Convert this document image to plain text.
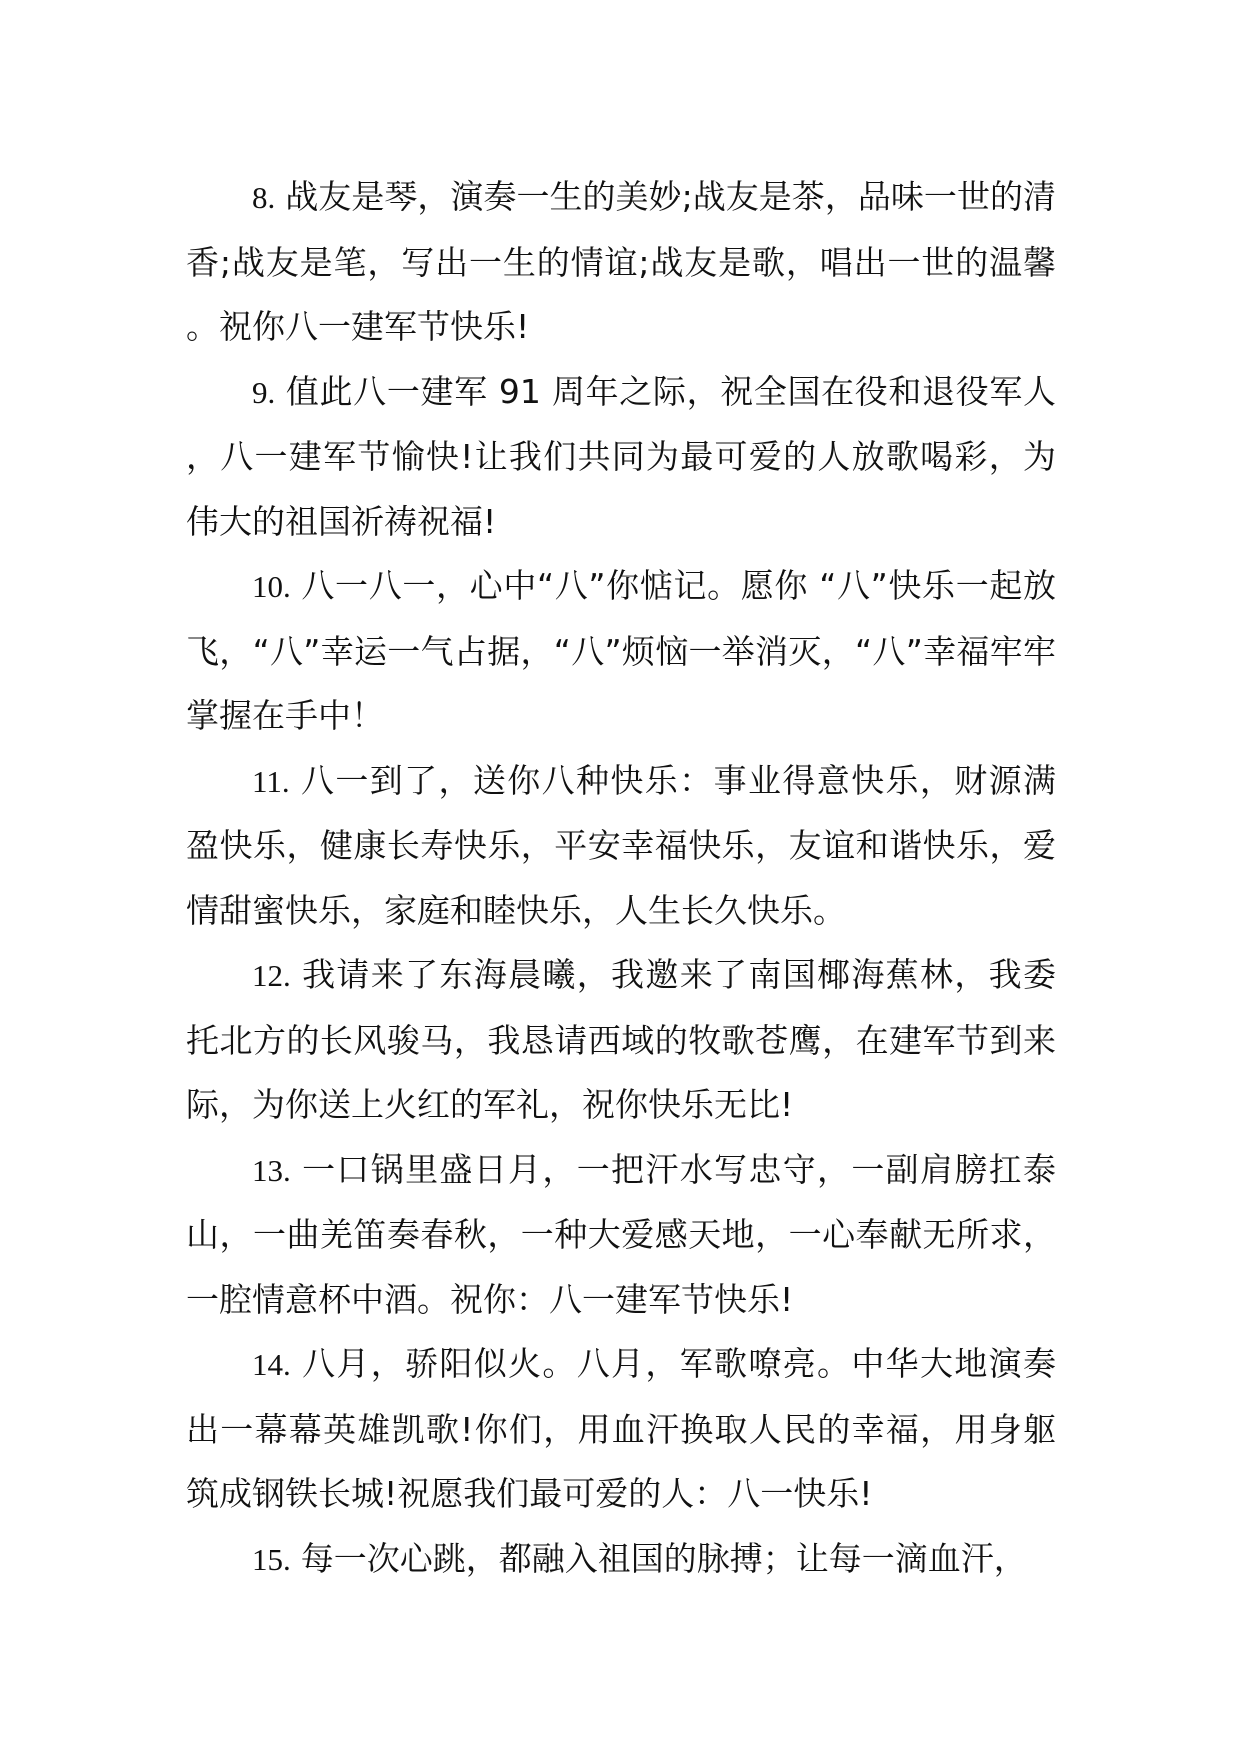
8. 战友是琴，演奏一生的美妙;战友是茶，品味一世的清香;战友是笔，写出一生的情谊;战友是歌，唱出一世的温馨。祝你八一建军节快乐!

9. 值此八一建军 91 周年之际，祝全国在役和退役军人，八一建军节愉快!让我们共同为最可爱的人放歌喝彩，为伟大的祖国祈祷祝福!

10. 八一八一，心中“八”你惦记。愿你 “八”快乐一起放飞，“八”幸运一气占据，“八”烦恼一举消灭，“八”幸福牢牢掌握在手中！

11. 八一到了，送你八种快乐：事业得意快乐，财源满盈快乐，健康长寿快乐，平安幸福快乐，友谊和谐快乐，爱情甜蜜快乐，家庭和睦快乐，人生长久快乐。

12. 我请来了东海晨曦，我邀来了南国椰海蕉林，我委托北方的长风骏马，我恳请西域的牧歌苍鹰，在建军节到来际，为你送上火红的军礼，祝你快乐无比!

13. 一口锅里盛日月，一把汗水写忠守，一副肩膀扛泰山，一曲羌笛奏春秋，一种大爱感天地，一心奉献无所求，一腔情意杯中酒。祝你：八一建军节快乐!

14. 八月，骄阳似火。八月，军歌嘹亮。中华大地演奏出一幕幕英雄凯歌!你们，用血汗换取人民的幸福，用身躯筑成钢铁长城!祝愿我们最可爱的人：八一快乐!

15. 每一次心跳，都融入祖国的脉搏；让每一滴血汗，
